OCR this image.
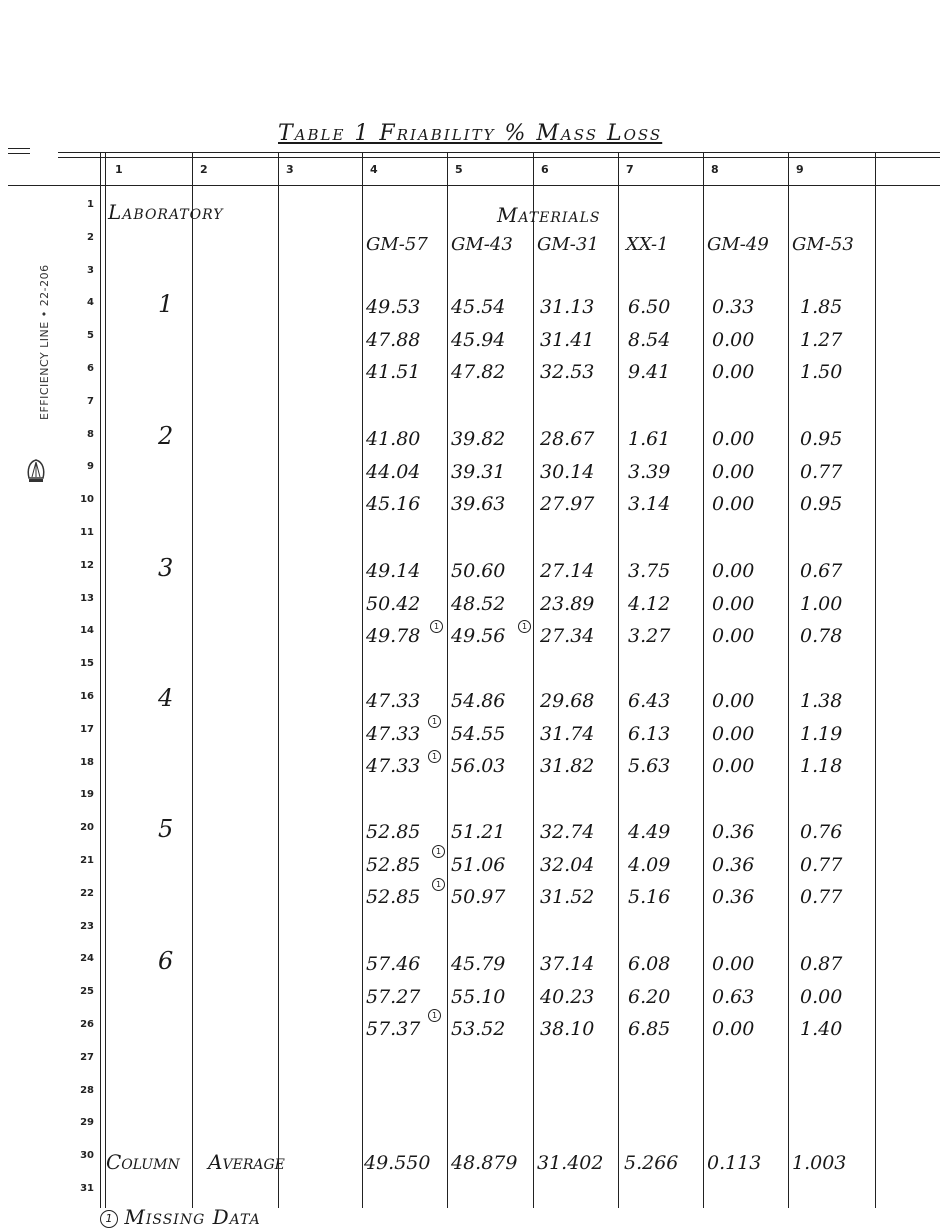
Table 1 Friability % Mass Loss
1	2	3	4	5	6	7	8	9
1
2
3
4
5
6
7
8
9
10
11
12
13
14
15
16
17
18
19
20
21
22
23
24
25
26
27
28
29
30
31
EFFICIENCY LINE • 22-206
Laboratory	Materials
GM-57 GM-43 GM-31 XX-1 GM-49 GM-53
1	49.53 45.54 31.13 6.50 0.33 1.85
47.88 45.94 31.41 8.54 0.00 1.27
41.51 47.82 32.53 9.41 0.00 1.50
2	41.80 39.82 28.67 1.61 0.00 0.95
44.04 39.31 30.14 3.39 0.00 0.77
45.16 39.63 27.97 3.14 0.00 0.95
3	49.14 50.60 27.14 3.75 0.00 0.67
50.42 48.52 23.89 4.12 0.00 1.00
49.78 49.56 27.34 3.27 0.00 0.78
4	47.33 54.86 29.68 6.43 0.00 1.38
47.33 54.55 31.74 6.13 0.00 1.19
47.33 56.03 31.82 5.63 0.00 1.18
5	52.85 51.21 32.74 4.49 0.36 0.76
52.85 51.06 32.04 4.09 0.36 0.77
52.85 50.97 31.52 5.16 0.36 0.77
6	57.46 45.79 37.14 6.08 0.00 0.87
57.27 55.10 40.23 6.20 0.63 0.00
57.37 53.52 38.10 6.85 0.00 1.40
1	1
1
1
1
1
1
Column Average	49.550 48.879 31.402 5.266 0.113 1.003
1 Missing Data
